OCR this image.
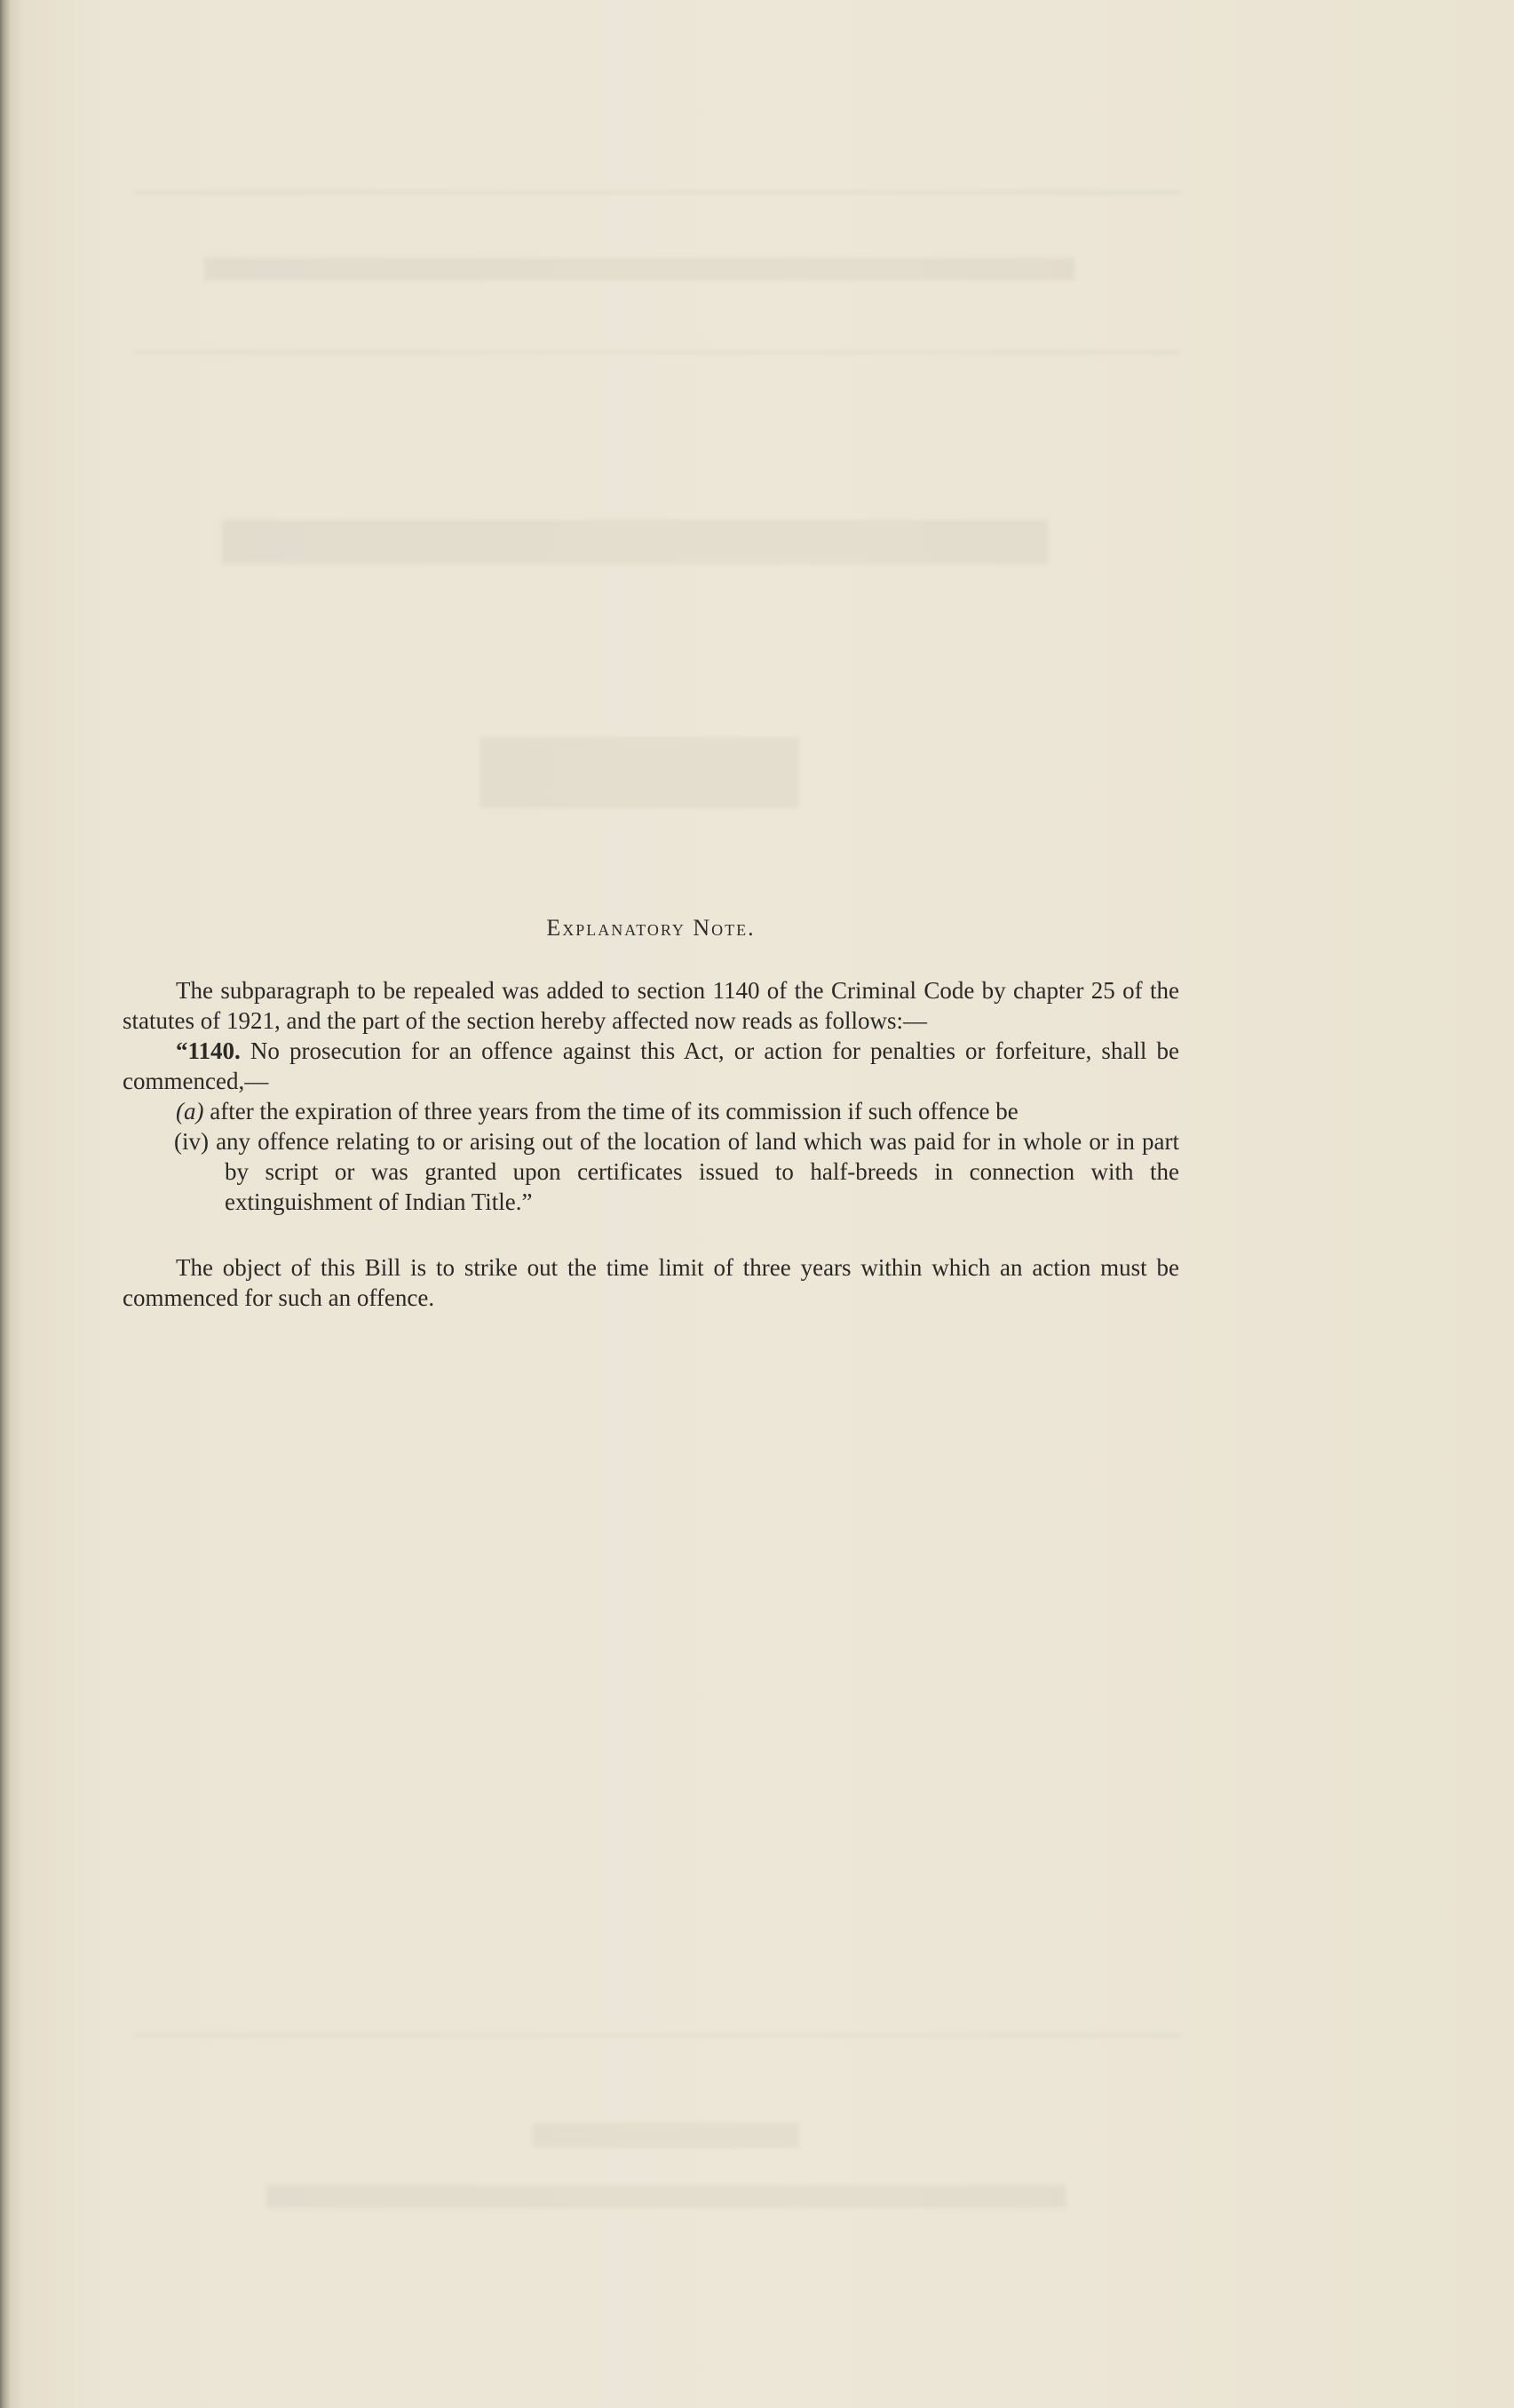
Explanatory Note.

The subparagraph to be repealed was added to section 1140 of the Criminal Code by chapter 25 of the statutes of 1921, and the part of the section hereby affected now reads as follows:—

“1140. No prosecution for an offence against this Act, or action for penalties or forfeiture, shall be commenced,—

(a) after the expiration of three years from the time of its commission if such offence be

(iv) any offence relating to or arising out of the location of land which was paid for in whole or in part by script or was granted upon certificates issued to half-breeds in connection with the extinguishment of Indian Title.”

The object of this Bill is to strike out the time limit of three years within which an action must be commenced for such an offence.
